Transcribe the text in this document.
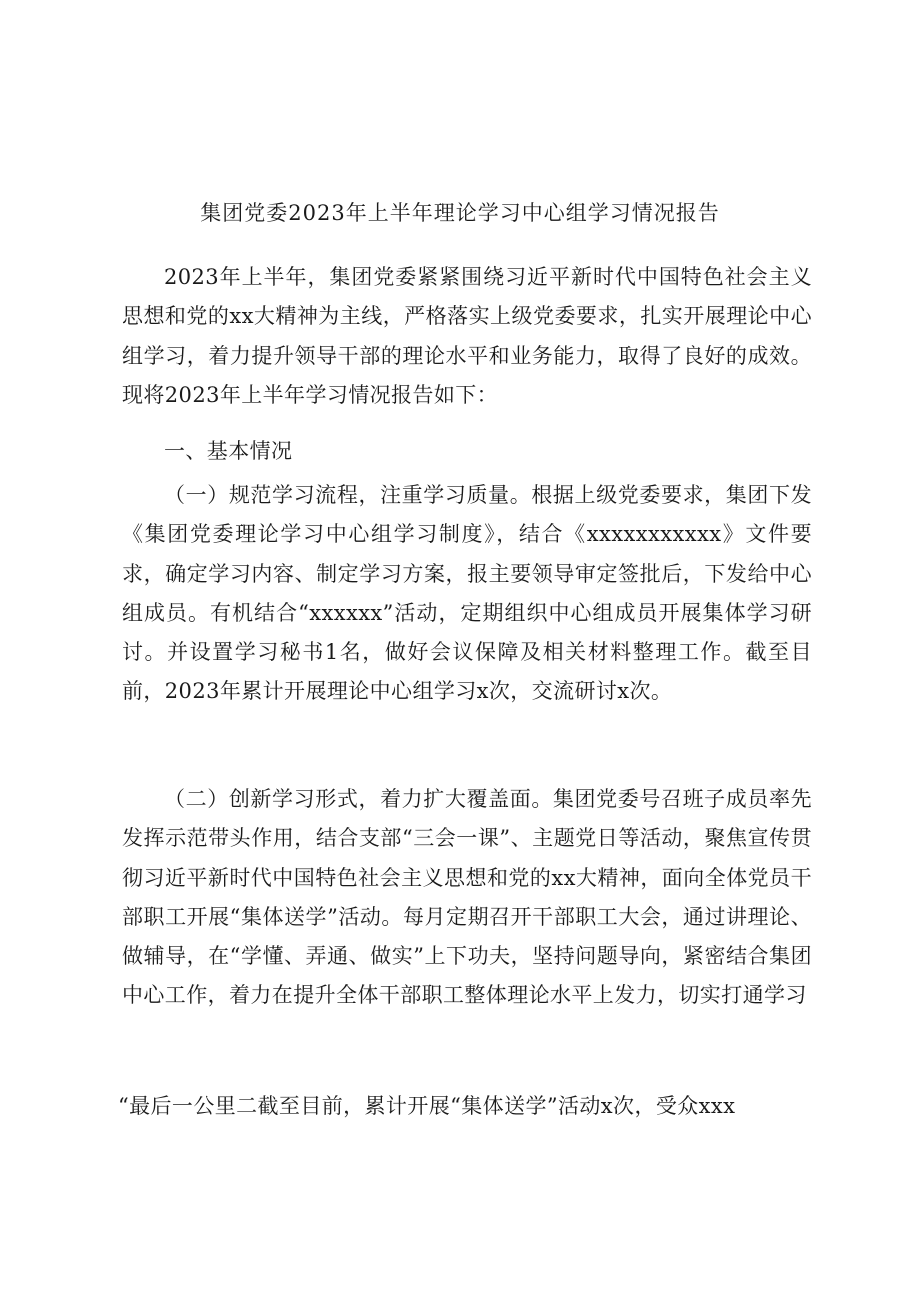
集团党委2023年上半年理论学习中心组学习情况报告
2023年上半年，集团党委紧紧围绕习近平新时代中国特色社会主义思想和党的xx大精神为主线，严格落实上级党委要求，扎实开展理论中心组学习，着力提升领导干部的理论水平和业务能力，取得了良好的成效。现将2023年上半年学习情况报告如下：
一、基本情况
（一）规范学习流程，注重学习质量。根据上级党委要求，集团下发《集团党委理论学习中心组学习制度》，结合《xxxxxxxxxxx》文件要求，确定学习内容、制定学习方案，报主要领导审定签批后，下发给中心组成员。有机结合“xxxxxx”活动，定期组织中心组成员开展集体学习研讨。并设置学习秘书1名，做好会议保障及相关材料整理工作。截至目前，2023年累计开展理论中心组学习x次，交流研讨x次。
（二）创新学习形式，着力扩大覆盖面。集团党委号召班子成员率先发挥示范带头作用，结合支部“三会一课”、主题党日等活动，聚焦宣传贯彻习近平新时代中国特色社会主义思想和党的xx大精神，面向全体党员干部职工开展“集体送学”活动。每月定期召开干部职工大会，通过讲理论、做辅导，在“学懂、弄通、做实”上下功夫，坚持问题导向，紧密结合集团中心工作，着力在提升全体干部职工整体理论水平上发力，切实打通学习
“最后一公里二截至目前，累计开展“集体送学”活动x次，受众xxx
